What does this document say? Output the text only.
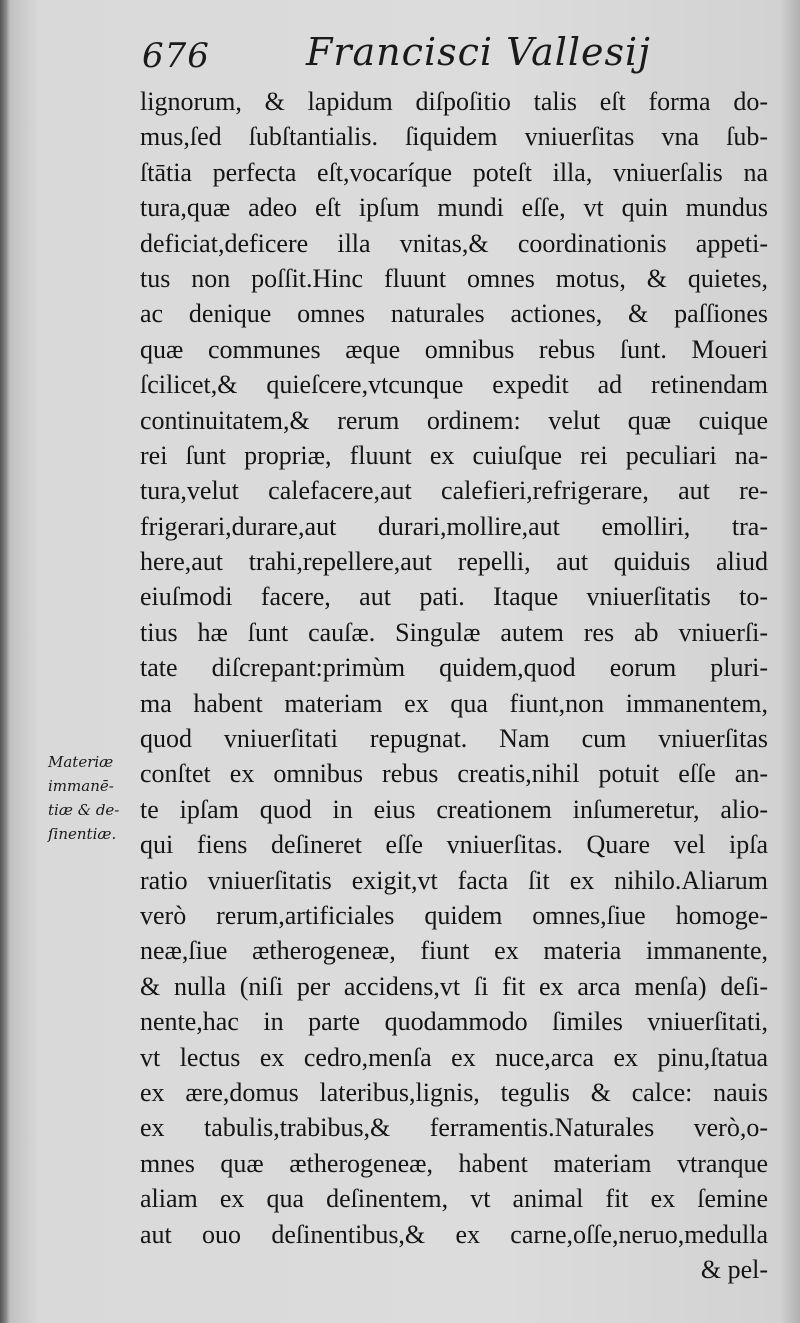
676	Francisci Vallesij
Materiæ
immanē-
tiæ & de-
ſinentiæ.
lignorum, & lapidum diſpoſitio talis eſt forma do-
mus,ſed ſubſtantialis. ſiquidem vniuerſitas vna ſub-
ſtātia perfecta eſt,vocaríque poteſt illa, vniuerſalis na
tura,quæ adeo eſt ipſum mundi eſſe, vt quin mundus
deficiat,deficere illa vnitas,& coordinationis appeti-
tus non poſſit.Hinc fluunt omnes motus, & quietes,
ac denique omnes naturales actiones, & paſſiones
quæ communes æque omnibus rebus ſunt. Moueri
ſcilicet,& quieſcere,vtcunque expedit ad retinendam
continuitatem,& rerum ordinem: velut quæ cuique
rei ſunt propriæ, fluunt ex cuiuſque rei peculiari na-
tura,velut calefacere,aut calefieri,refrigerare, aut re-
frigerari,durare,aut durari,mollire,aut emolliri, tra-
here,aut trahi,repellere,aut repelli, aut quiduis aliud
eiuſmodi facere, aut pati. Itaque vniuerſitatis to-
tius hæ ſunt cauſæ. Singulæ autem res ab vniuerſi-
tate diſcrepant:primùm quidem,quod eorum pluri-
ma habent materiam ex qua fiunt,non immanentem,
quod vniuerſitati repugnat. Nam cum vniuerſitas
conſtet ex omnibus rebus creatis,nihil potuit eſſe an-
te ipſam quod in eius creationem inſumeretur, alio-
qui fiens deſineret eſſe vniuerſitas. Quare vel ipſa
ratio vniuerſitatis exigit,vt facta ſit ex nihilo.Aliarum
verò rerum,artificiales quidem omnes,ſiue homoge-
neæ,ſiue ætherogeneæ, fiunt ex materia immanente,
& nulla (niſi per accidens,vt ſi fit ex arca menſa) deſi-
nente,hac in parte quodammodo ſimiles vniuerſitati,
vt lectus ex cedro,menſa ex nuce,arca ex pinu,ſtatua
ex ære,domus lateribus,lignis, tegulis & calce: nauis
ex tabulis,trabibus,& ferramentis.Naturales verò,o-
mnes quæ ætherogeneæ, habent materiam vtranque
aliam ex qua deſinentem, vt animal fit ex ſemine
aut ouo deſinentibus,& ex carne,oſſe,neruo,medulla
& pel-
